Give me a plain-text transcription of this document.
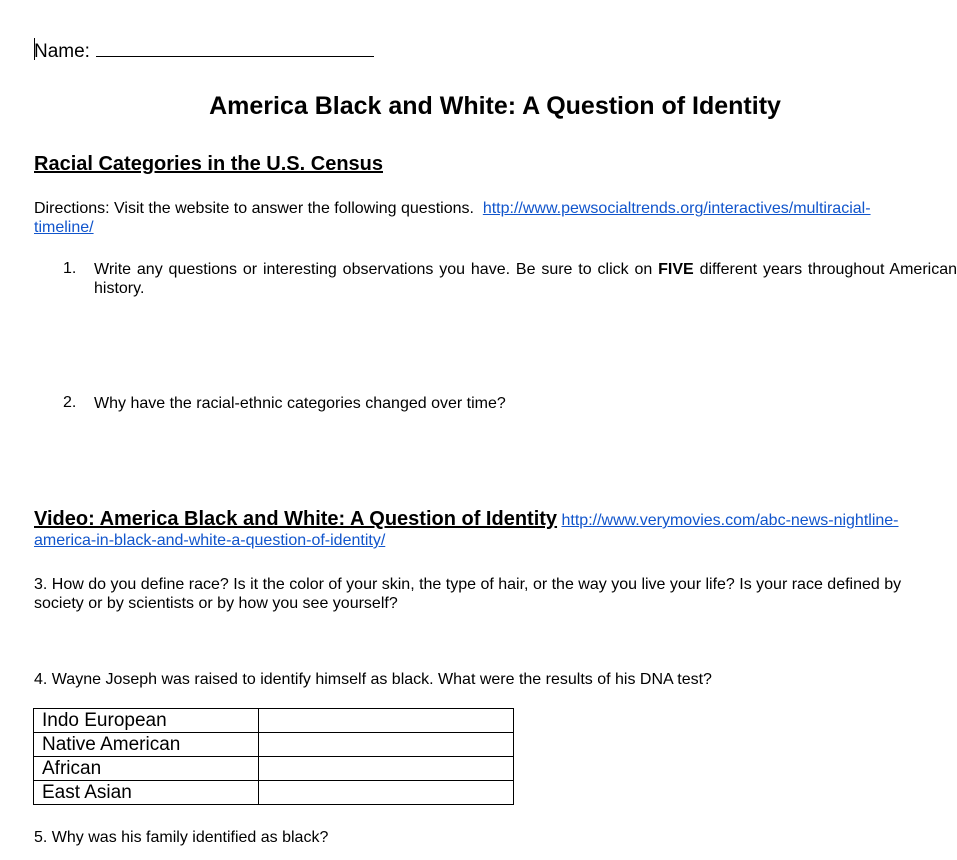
Name:
America Black and White: A Question of Identity
Racial Categories in the U.S. Census
Directions: Visit the website to answer the following questions. http://www.pewsocialtrends.org/interactives/multiracial-
timeline/
1. Write any questions or interesting observations you have. Be sure to click on FIVE different years throughout American history.
2. Why have the racial-ethnic categories changed over time?
Video: America Black and White: A Question of Identity http://www.verymovies.com/abc-news-nightline-
america-in-black-and-white-a-question-of-identity/
3. How do you define race? Is it the color of your skin, the type of hair, or the way you live your life? Is your race defined by
society or by scientists or by how you see yourself?
4. Wayne Joseph was raised to identify himself as black. What were the results of his DNA test?
Indo European	
Native American	
African	
East Asian	
5. Why was his family identified as black?
